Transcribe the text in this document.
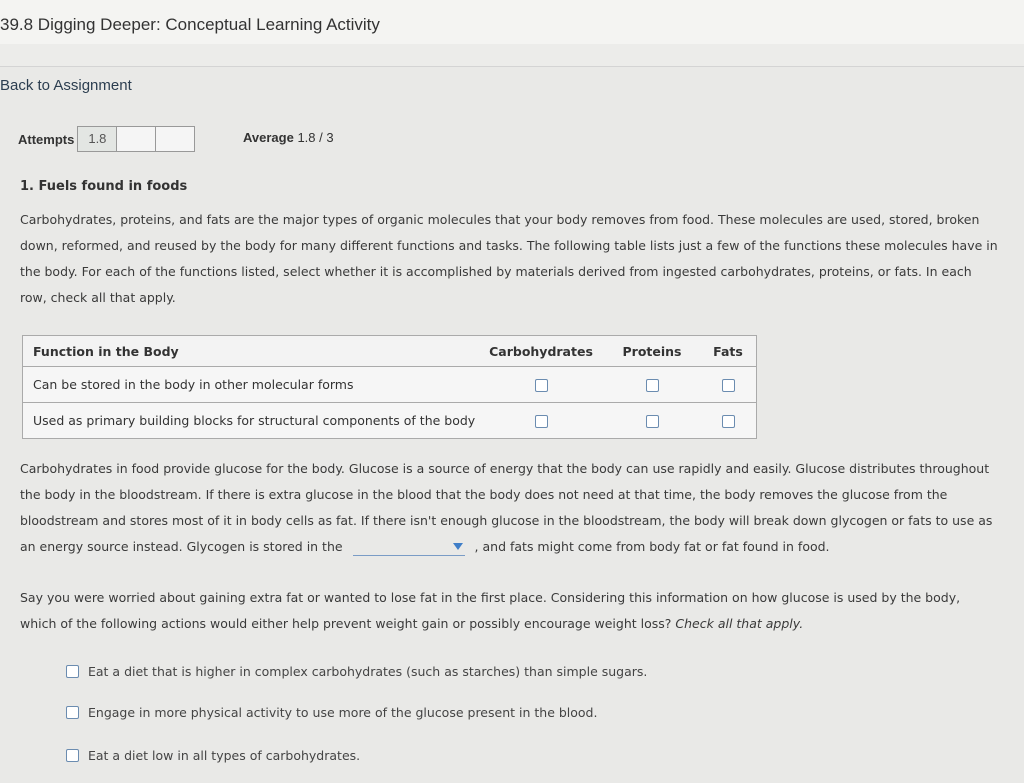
39.8 Digging Deeper: Conceptual Learning Activity
Back to Assignment
Attempts	1.8	Average 1.8 / 3
1. Fuels found in foods
Carbohydrates, proteins, and fats are the major types of organic molecules that your body removes from food. These molecules are used, stored, broken down, reformed, and reused by the body for many different functions and tasks. The following table lists just a few of the functions these molecules have in the body. For each of the functions listed, select whether it is accomplished by materials derived from ingested carbohydrates, proteins, or fats. In each row, check all that apply.
Function in the Body	Carbohydrates	Proteins	Fats
Can be stored in the body in other molecular forms			
Used as primary building blocks for structural components of the body			
Carbohydrates in food provide glucose for the body. Glucose is a source of energy that the body can use rapidly and easily. Glucose distributes throughout the body in the bloodstream. If there is extra glucose in the blood that the body does not need at that time, the body removes the glucose from the bloodstream and stores most of it in body cells as fat. If there isn't enough glucose in the bloodstream, the body will break down glycogen or fats to use as an energy source instead. Glycogen is stored in the	, and fats might come from body fat or fat found in food.
Say you were worried about gaining extra fat or wanted to lose fat in the first place. Considering this information on how glucose is used by the body, which of the following actions would either help prevent weight gain or possibly encourage weight loss? Check all that apply.
Eat a diet that is higher in complex carbohydrates (such as starches) than simple sugars.
Engage in more physical activity to use more of the glucose present in the blood.
Eat a diet low in all types of carbohydrates.
